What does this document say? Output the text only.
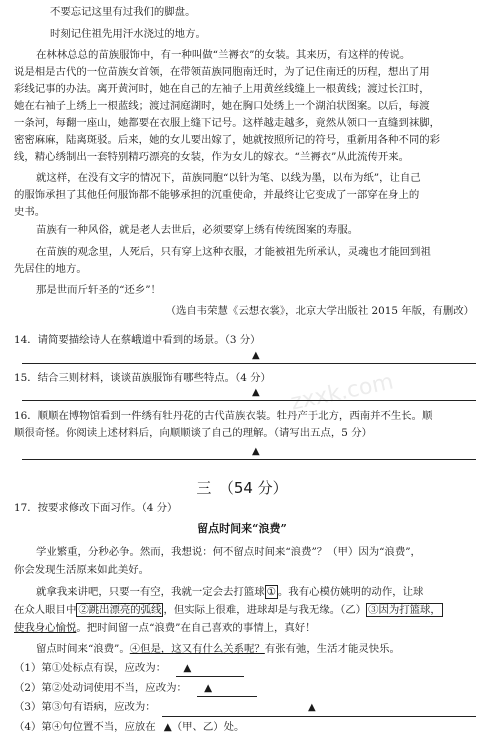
zxxk.com
不要忘记这里有过我们的脚盘。
时刻记住祖先用汗水浇过的地方。
在林林总总的苗族服饰中，有一种叫做“兰褥衣”的女装。其来历，有这样的传说。
说是相是古代的一位苗族女首领，在带领苗族同胞南迁时，为了记住南迁的历程，想出了用
彩线记事的办法。离开黄河时，她在自己的左袖子上用黄丝线缝上一根黄线；渡过长江时，
她在右袖子上绣上一根蓝线；渡过洞庭湖时，她在胸口处绣上一个湖泊状图案。以后，每渡
一条河，每翻一座山，她都要在衣服上缝下记号。这样越走越多，竟然从领口一直缝到袜脚，
密密麻麻，陆离斑驳。后来，她的女儿要出嫁了，她就按照所记的符号，重新用各种不同的彩
线，精心绣制出一套特别精巧漂亮的女装，作为女儿的嫁衣。“兰褥衣”从此流传开来。
就这样，在没有文字的情况下，苗族同胞“以针为笔、以线为墨，以布为纸”，让自己
的服饰承担了其他任何服饰都不能够承担的沉重使命，并最终让它变成了一部穿在身上的
史书。
苗族有一种风俗，就是老人去世后，必须要穿上绣有传统图案的寿服。
在苗族的观念里，人死后，只有穿上这种衣服，才能被祖先所承认，灵魂也才能回到祖
先居住的地方。
那是世而斤轩圣的“还乡”！
（选自韦荣慧《云想衣裳》，北京大学出版社 2015 年版，有删改）
14．请简要描绘诗人在蔡峨道中看到的场景。（3 分）
▲
15．结合三则材料，谈谈苗族服饰有哪些特点。（4 分）
▲
16．顺顺在博物馆看到一件绣有牡丹花的古代苗族衣装。牡丹产于北方，西南并不生长。顺
顺很奇怪。你阅读上述材料后，向顺顺谈了自己的理解。（请写出五点，5 分）
▲
三　（54 分）
17．按要求修改下面习作。（4 分）
留点时间来“浪费”
学业繁重，分秒必争。然而，我想说：何不留点时间来“浪费”？（甲）因为“浪费”，
你会发现生活原来如此美好。
就拿我来讲吧，只要一有空，我就一定会去打篮球 ① 。我有心模仿姚明的动作，让球
在众人眼目中 ②跳出漂亮的弧线 ，但实际上很难，进球却是与我无缘。（乙） ③因为打篮球，
使我身心愉悦。把时间留一点“浪费”在自己喜欢的事情上，真好！
留点时间来“浪费”。④但是，这又有什么关系呢？有张有弛，生活才能灵快乐。
（1）第①处标点有误，应改为： ▲
（2）第②处动词使用不当，应改为： ▲
（3）第③句有语病，应改为：	▲
（4）第④句位置不当，应放在 ▲（甲、乙）处。
